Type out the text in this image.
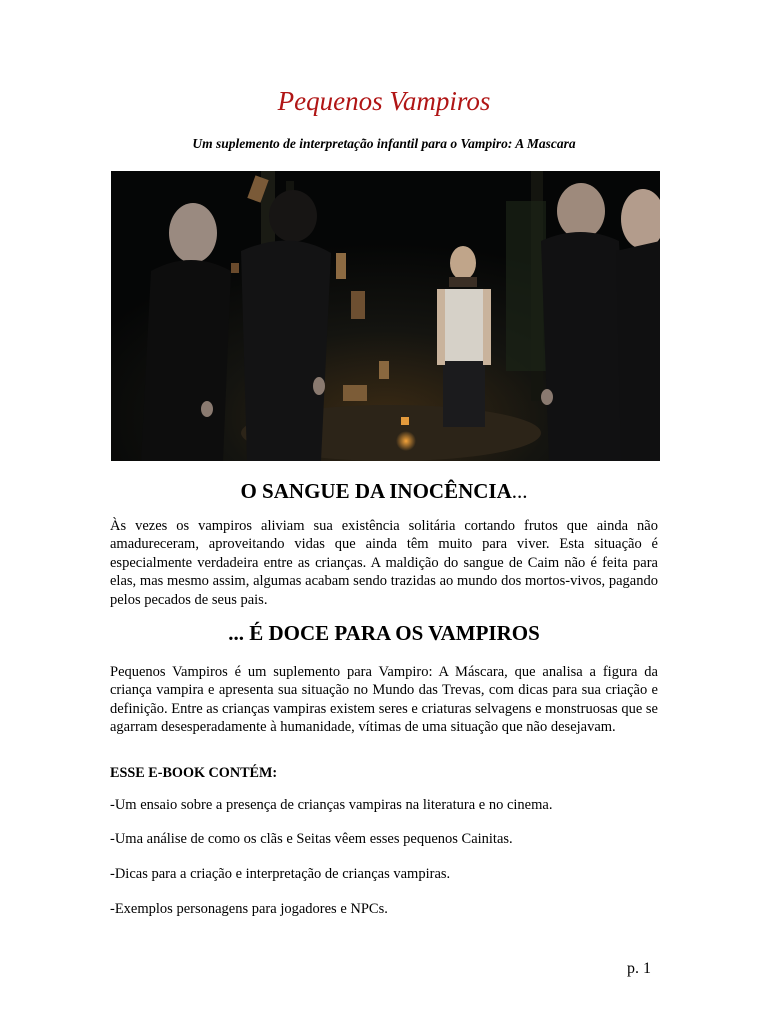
Pequenos Vampiros
Um suplemento de interpretação infantil para o Vampiro: A Mascara
O SANGUE DA INOCÊNCIA...
Às vezes os vampiros aliviam sua existência solitária cortando frutos que ainda não amadureceram, aproveitando vidas que ainda têm muito para viver. Esta situação é especialmente verdadeira entre as crianças. A maldição do sangue de Caim não é feita para elas, mas mesmo assim, algumas acabam sendo trazidas ao mundo dos mortos-vivos, pagando pelos pecados de seus pais.
... É DOCE PARA OS VAMPIROS
Pequenos Vampiros é um suplemento para Vampiro: A Máscara, que analisa a figura da criança vampira e apresenta sua situação no Mundo das Trevas, com dicas para sua criação e definição. Entre as crianças vampiras existem seres e criaturas selvagens e monstruosas que se agarram desesperadamente à humanidade, vítimas de uma situação que não desejavam.
ESSE E-BOOK CONTÉM:
-Um ensaio sobre a presença de crianças vampiras na literatura e no cinema.
-Uma análise de como os clãs e Seitas vêem esses pequenos Cainitas.
-Dicas para a criação e interpretação de crianças vampiras.
-Exemplos personagens para jogadores e NPCs.
p. 1
